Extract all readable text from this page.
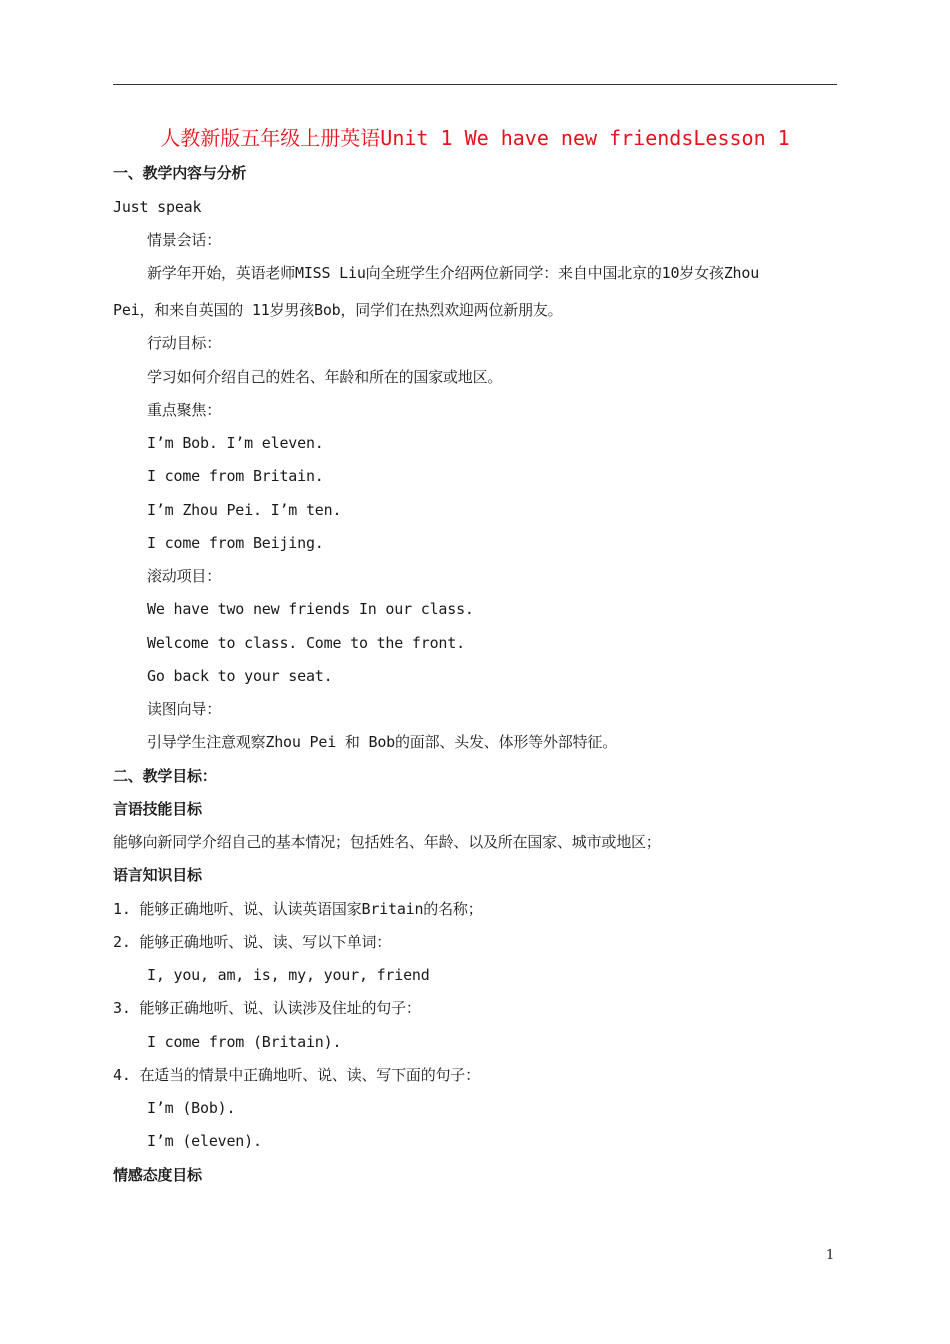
人教新版五年级上册英语Unit 1 We have new friendsLesson 1
一、教学内容与分析
Just speak
情景会话：
新学年开始，英语老师MISS Liu向全班学生介绍两位新同学：来自中国北京的10岁女孩Zhou
Pei，和来自英国的 11岁男孩Bob，同学们在热烈欢迎两位新朋友。
行动目标：
学习如何介绍自己的姓名、年龄和所在的国家或地区。
重点聚焦：
I’m Bob. I’m eleven.
I come from Britain.
I’m Zhou Pei. I’m ten.
I come from Beijing.
滚动项目：
We have two new friends In our class.
Welcome to class. Come to the front.
Go back to your seat.
读图向导：
引导学生注意观察Zhou Pei 和 Bob的面部、头发、体形等外部特征。
二、教学目标：
言语技能目标
能够向新同学介绍自己的基本情况；包括姓名、年龄、以及所在国家、城市或地区；
语言知识目标
1. 能够正确地听、说、认读英语国家Britain的名称；
2. 能够正确地听、说、读、写以下单词：
I, you, am, is, my, your, friend
3. 能够正确地听、说、认读涉及住址的句子：
I come from (Britain).
4. 在适当的情景中正确地听、说、读、写下面的句子：
I’m (Bob).
I’m (eleven).
情感态度目标
1
